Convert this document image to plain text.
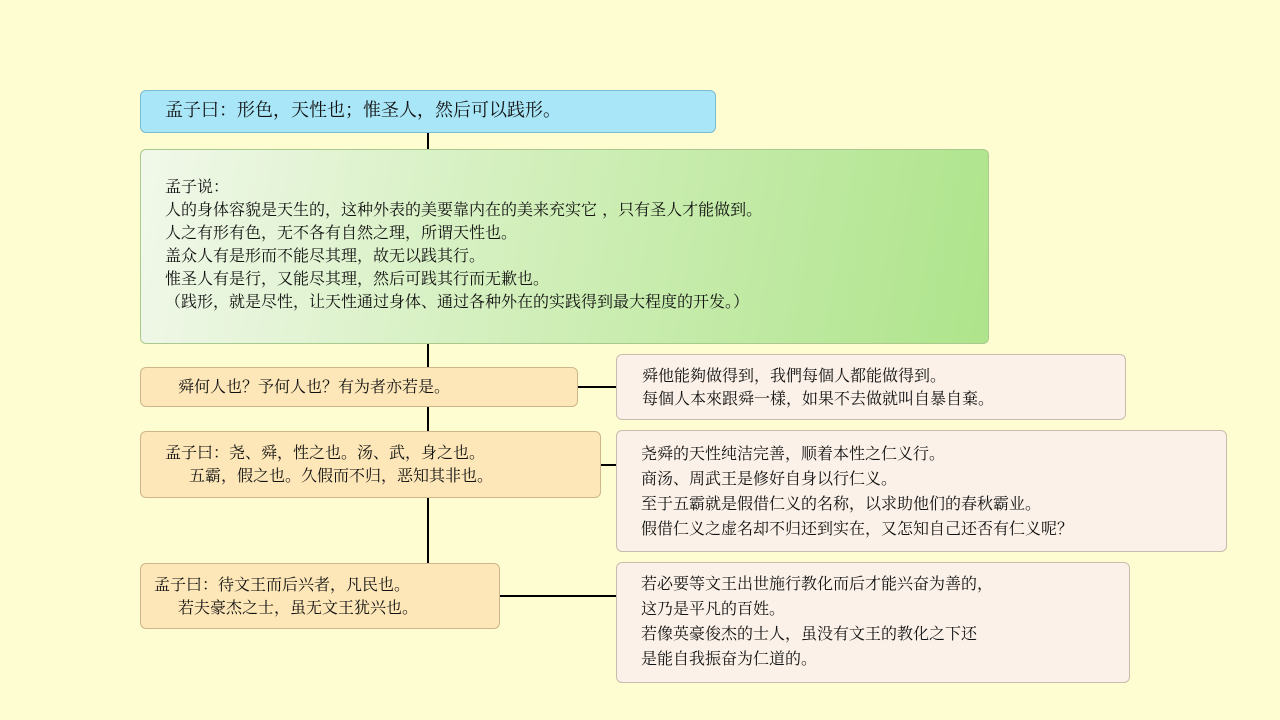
孟子曰：形色，天性也；惟圣人，然后可以践形。
孟子说：
人的身体容貌是天生的，这种外表的美要靠内在的美来充实它 ，只有圣人才能做到。
人之有形有色，无不各有自然之理，所谓天性也。
盖众人有是形而不能尽其理，故无以践其行。
惟圣人有是行，又能尽其理，然后可践其行而无歉也。
（践形，就是尽性，让天性通过身体、通过各种外在的实践得到最大程度的开发。）
舜何人也？予何人也？有为者亦若是。
舜他能夠做得到，我們每個人都能做得到。
每個人本來跟舜一樣，如果不去做就叫自暴自棄。
孟子曰：尧、舜，性之也。汤、武，身之也。
五霸，假之也。久假而不归，恶知其非也。
尧舜的天性纯洁完善，顺着本性之仁义行。
商汤、周武王是修好自身以行仁义。
至于五霸就是假借仁义的名称，以求助他们的春秋霸业。
假借仁义之虚名却不归还到实在，又怎知自己还否有仁义呢？
孟子曰：待文王而后兴者，凡民也。
若夫豪杰之士，虽无文王犹兴也。
若必要等文王出世施行教化而后才能兴奋为善的，
这乃是平凡的百姓。
若像英豪俊杰的士人，虽没有文王的教化之下还
是能自我振奋为仁道的。
